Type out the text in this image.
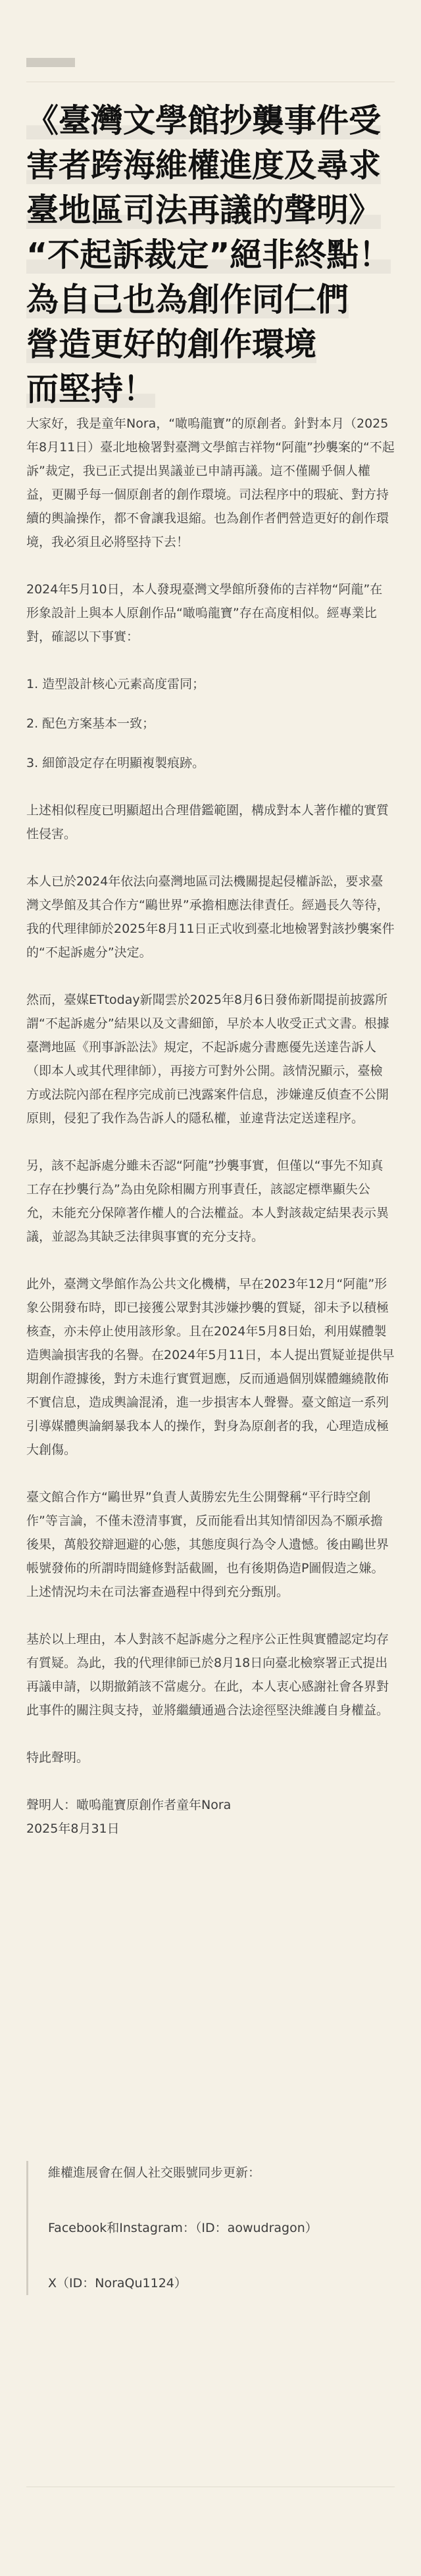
《臺灣文學館抄襲事件受
害者跨海維權進度及尋求
臺地區司法再議的聲明》
“不起訴裁定”絕非終點！
為自己也為創作同仁們
營造更好的創作環境
而堅持！

大家好，我是童年Nora，“噉嗚龍寶”的原創者。針對本月（2025年8月11日）臺北地檢署對臺灣文學館吉祥物“阿龍”抄襲案的“不起訴”裁定，我已正式提出異議並已申請再議。這不僅關乎個人權益，更關乎每一個原創者的創作環境。司法程序中的瑕疵、對方持續的輿論操作，都不會讓我退縮。也為創作者們營造更好的創作環境，我必須且必將堅持下去！

2024年5月10日，本人發現臺灣文學館所發佈的吉祥物“阿龍”在形象設計上與本人原創作品“噉嗚龍寶”存在高度相似。經專業比對，確認以下事實：

1. 造型設計核心元素高度雷同；
2. 配色方案基本一致；
3. 細節設定存在明顯複製痕跡。

上述相似程度已明顯超出合理借鑑範圍，構成對本人著作權的實質性侵害。

本人已於2024年依法向臺灣地區司法機關提起侵權訴訟，要求臺灣文學館及其合作方“鷗世界”承擔相應法律責任。經過長久等待，我的代理律師於2025年8月11日正式收到臺北地檢署對該抄襲案件的“不起訴處分”決定。

然而，臺媒ETtoday新聞雲於2025年8月6日發佈新聞提前披露所謂“不起訴處分”結果以及文書細節，早於本人收受正式文書。根據臺灣地區《刑事訴訟法》規定，不起訴處分書應優先送達告訴人（即本人或其代理律師），再接方可對外公開。該情況顯示，臺檢方或法院內部在程序完成前已洩露案件信息，涉嫌違反偵查不公開原則，侵犯了我作為告訴人的隱私權，並違背法定送達程序。

另，該不起訴處分雖未否認“阿龍”抄襲事實，但僅以“事先不知真工存在抄襲行為”為由免除相關方刑事責任，該認定標準顯失公允，未能充分保障著作權人的合法權益。本人對該裁定結果表示異議，並認為其缺乏法律與事實的充分支持。

此外，臺灣文學館作為公共文化機構，早在2023年12月“阿龍”形象公開發布時，即已接獲公眾對其涉嫌抄襲的質疑，卻未予以積極核查，亦未停止使用該形象。且在2024年5月8日始，利用媒體製造輿論損害我的名譽。在2024年5月11日，本人提出質疑並提供早期創作證據後，對方未進行實質迴應，反而通過個別媒體纏繞散佈不實信息，造成輿論混淆，進一步損害本人聲譽。臺文館這一系列引導媒體輿論網暴我本人的操作，對身為原創者的我，心理造成極大創傷。

臺文館合作方“鷗世界”負責人黃勝宏先生公開聲稱“平行時空創作”等言論，不僅未澄清事實，反而能看出其知情卻因為不願承擔後果，萬般狡辯迴避的心態，其態度與行為令人遺憾。後由鷗世界帳號發佈的所謂時間縫修對話截圖，也有後期偽造P圖假造之嫌。上述情況均未在司法審查過程中得到充分甄別。

基於以上理由，本人對該不起訴處分之程序公正性與實體認定均存有質疑。為此，我的代理律師已於8月18日向臺北檢察署正式提出再議申請，以期撤銷該不當處分。在此，本人衷心感謝社會各界對此事件的關注與支持，並將繼續通過合法途徑堅決維護自身權益。

特此聲明。

聲明人：噉嗚龍寶原創作者童年Nora

2025年8月31日

維權進展會在個人社交賬號同步更新：

Facebook和Instagram：（ID：aowudragon）

X（ID：NoraQu1124）
